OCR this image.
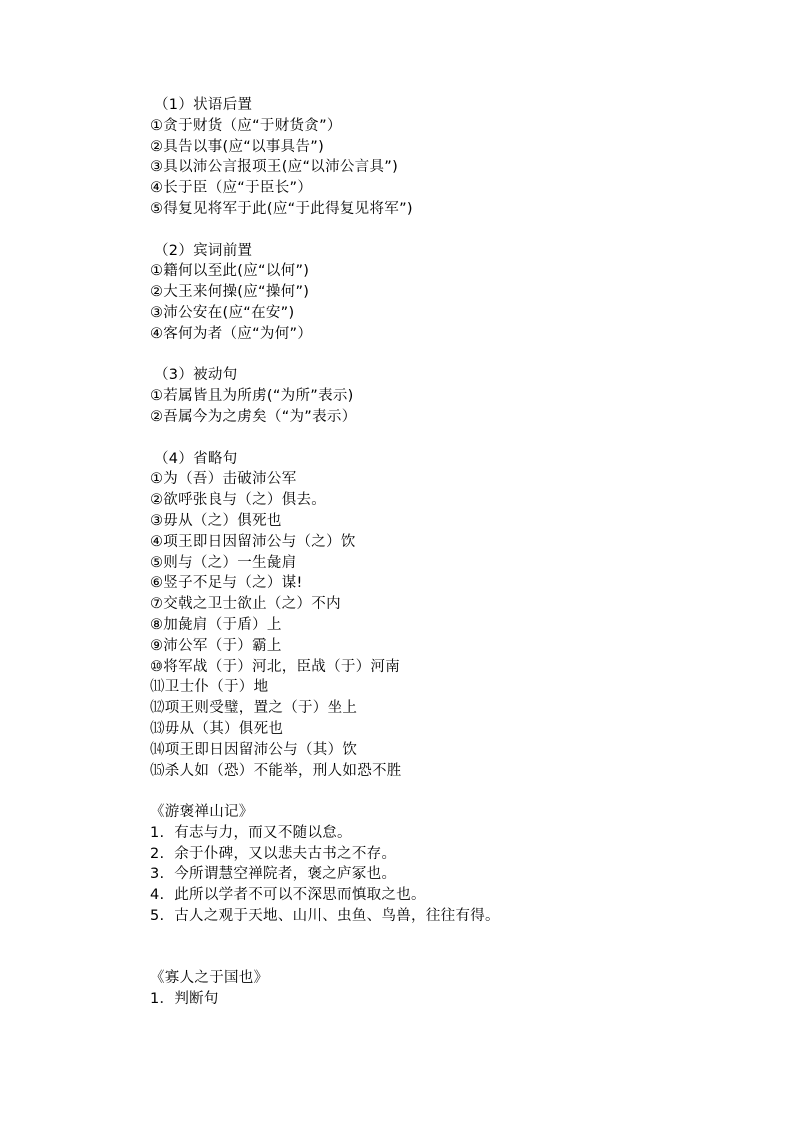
（1）状语后置
①贪于财货（应“于财货贪”）
②具告以事(应“以事具告”)
③具以沛公言报项王(应“以沛公言具”)
④长于臣（应“于臣长”）
⑤得复见将军于此(应“于此得复见将军”)
（2）宾词前置
①籍何以至此(应“以何”)
②大王来何操(应“操何”)
③沛公安在(应“在安”)
④客何为者（应“为何”）
（3）被动句
①若属皆且为所虏(“为所”表示)
②吾属今为之虏矣（“为”表示）
（4）省略句
①为（吾）击破沛公军
②欲呼张良与（之）俱去。
③毋从（之）俱死也
④项王即日因留沛公与（之）饮
⑤则与（之）一生彘肩
⑥竖子不足与（之）谋!
⑦交戟之卫士欲止（之）不内
⑧加彘肩（于盾）上
⑨沛公军（于）霸上
⑩将军战（于）河北，臣战（于）河南
⑾卫士仆（于）地
⑿项王则受璧，置之（于）坐上
⒀毋从（其）俱死也
⒁项王即日因留沛公与（其）饮
⒂杀人如（恐）不能举，刑人如恐不胜
《游褒禅山记》
1.  有志与力，而又不随以怠。
2.  余于仆碑，又以悲夫古书之不存。
3.  今所谓慧空禅院者，褒之庐冢也。
4.  此所以学者不可以不深思而慎取之也。
5.  古人之观于天地、山川、虫鱼、鸟兽，往往有得。
《寡人之于国也》
1．判断句
